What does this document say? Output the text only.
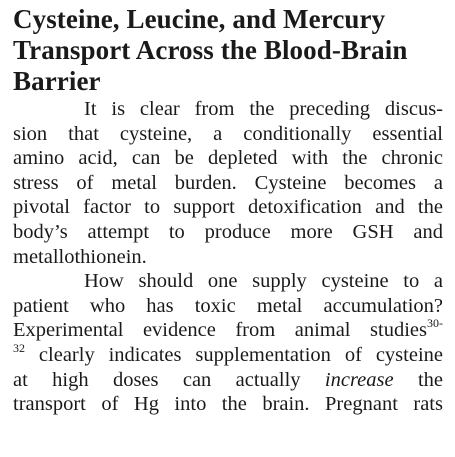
Cysteine, Leucine, and Mercury
Transport Across the Blood-Brain
Barrier
It is clear from the preceding discus-
sion that cysteine, a conditionally essential
amino acid, can be depleted with the chronic
stress of metal burden. Cysteine becomes a
pivotal factor to support detoxification and the
body’s attempt to produce more GSH and
metallothionein.
How should one supply cysteine to a
patient who has toxic metal accumulation?
Experimental evidence from animal studies$^{30-}$
$^{32}$ clearly indicates supplementation of cysteine
at high doses can actually increase the
transport of Hg into the brain. Pregnant rats
